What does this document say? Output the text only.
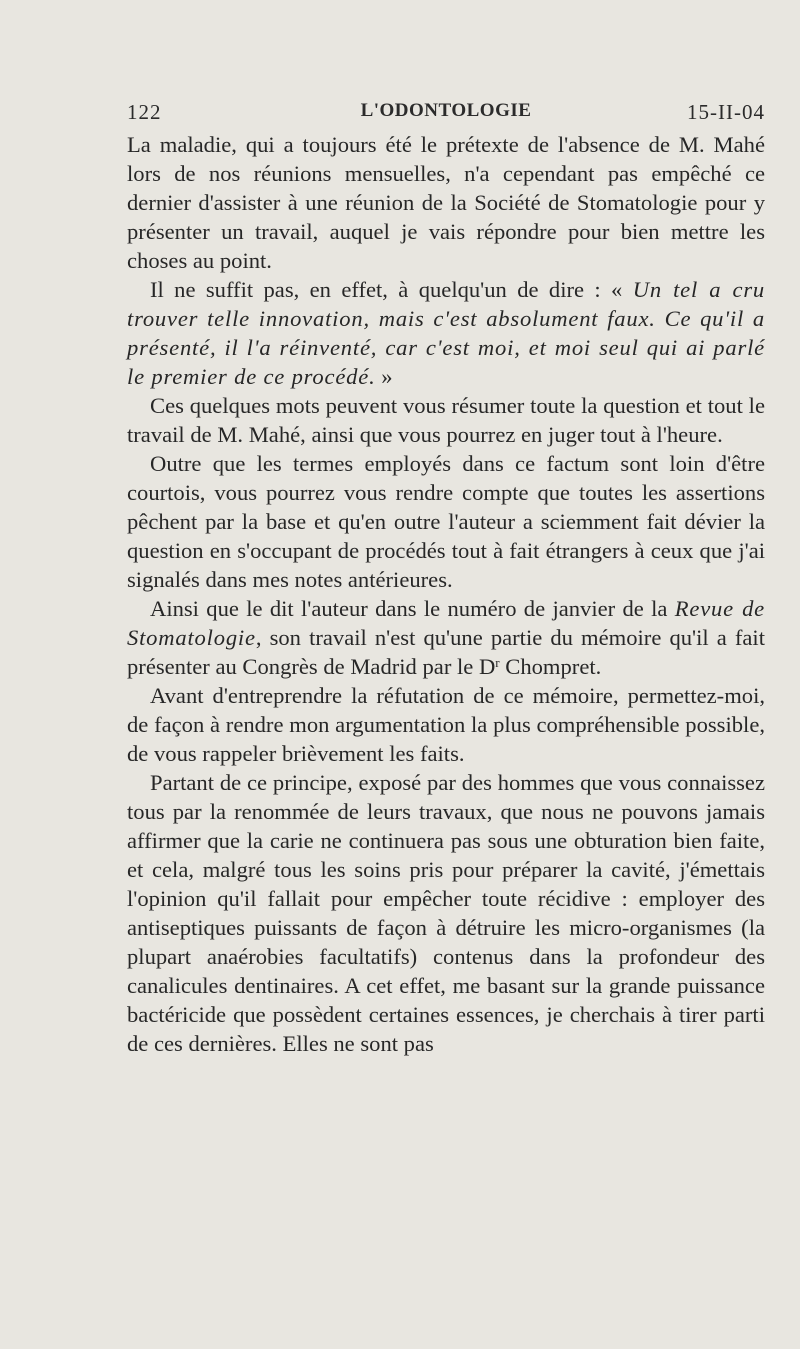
122	L'ODONTOLOGIE	15-II-04

La maladie, qui a toujours été le prétexte de l'absence de M. Mahé lors de nos réunions mensuelles, n'a cependant pas empêché ce dernier d'assister à une réunion de la Société de Stomatologie pour y présenter un travail, auquel je vais répondre pour bien mettre les choses au point.

Il ne suffit pas, en effet, à quelqu'un de dire : « Un tel a cru trouver telle innovation, mais c'est absolument faux. Ce qu'il a présenté, il l'a réinventé, car c'est moi, et moi seul qui ai parlé le premier de ce procédé. »

Ces quelques mots peuvent vous résumer toute la question et tout le travail de M. Mahé, ainsi que vous pourrez en juger tout à l'heure.

Outre que les termes employés dans ce factum sont loin d'être courtois, vous pourrez vous rendre compte que toutes les assertions pêchent par la base et qu'en outre l'auteur a sciemment fait dévier la question en s'occupant de procédés tout à fait étrangers à ceux que j'ai signalés dans mes notes antérieures.

Ainsi que le dit l'auteur dans le numéro de janvier de la Revue de Stomatologie, son travail n'est qu'une partie du mémoire qu'il a fait présenter au Congrès de Madrid par le $D^r$ Chompret.

Avant d'entreprendre la réfutation de ce mémoire, permettez-moi, de façon à rendre mon argumentation la plus compréhensible possible, de vous rappeler brièvement les faits.

Partant de ce principe, exposé par des hommes que vous connaissez tous par la renommée de leurs travaux, que nous ne pouvons jamais affirmer que la carie ne continuera pas sous une obturation bien faite, et cela, malgré tous les soins pris pour préparer la cavité, j'émettais l'opinion qu'il fallait pour empêcher toute récidive : employer des antiseptiques puissants de façon à détruire les micro-organismes (la plupart anaérobies facultatifs) contenus dans la profondeur des canalicules dentinaires. A cet effet, me basant sur la grande puissance bactéricide que possèdent certaines essences, je cherchais à tirer parti de ces dernières. Elles ne sont pas
